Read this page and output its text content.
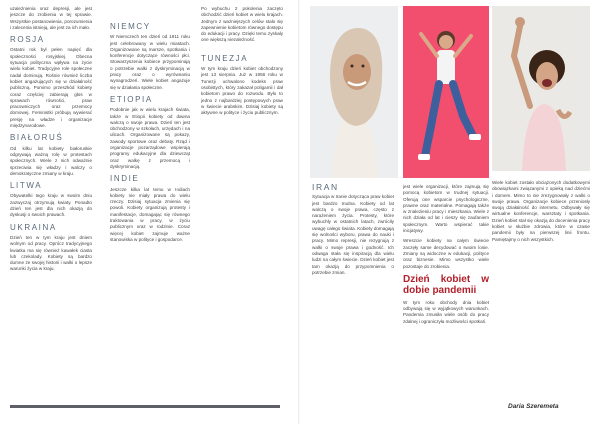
uzależnienia oraz depresji, ale jest jeszcze do zrobienia w tej sprawie. Wszystkie postanowienia, porozumienia i zalecenia istnieją, ale jest za ich mało.

ROSJA

Ostatni rok był pełen napięć dla społeczności rosyjskiej. Obecna sytuacja polityczna wpływa na życie wielu kobiet. Tradycyjne role społeczne nadal dominują. Rośnie również liczba kobiet angażujących się w działalność publiczną. Pomimo przeszkód kobiety coraz częściej zabierają głos w sprawach równości, praw pracowniczych oraz przemocy domowej. Feministki próbują wywierać presję na władze i organizacje międzynarodowe.

BIAŁORUŚ

Od kilku lat kobiety białoruskie odgrywają ważną rolę w protestach społecznych. Wiele z nich odważnie sprzeciwia się władzy i walczy o demokratyczne zmiany w kraju.

LITWA

Obywatelki tego kraju w swoim dniu zazwyczaj otrzymują kwiaty. Ponadto dzień ten jest dla nich okazją do dyskusji o swoich prawach.

UKRAINA

Dzień ten w tym kraju jest dniem wolnym od pracy. Oprócz tradycyjnego kwiatka ma się również kawałek ciasta lub czekolady. Kobiety są bardzo dumne ze swojej historii i walki o lepsze warunki życia w kraju.

NIEMCY

W Niemczech ten dzień od 1911 roku jest celebrowany w wielu miastach. Organizowane są marsze, spotkania i konferencje dotyczące równości płci. Stowarzyszenia kobiece przypominają o potrzebie walki z dyskryminacją w pracy oraz o wyrównaniu wynagrodzeń. Wiele kobiet angażuje się w działania społeczne.

ETIOPIA

Podobnie jak w wielu krajach świata, także w Etiopii kobiety od dawna walczą o swoje prawa. Dzień ten jest obchodzony w szkołach, urzędach i na ulicach. Organizowane są pokazy, zawody sportowe oraz debaty. Rząd i organizacje pozarządowe wspierają programy edukacyjne dla dziewcząt oraz walkę z przemocą i dyskryminacją.

INDIE

Jeszcze kilka lat temu w Indiach kobiety nie miały prawa do wielu rzeczy. Dzisiaj sytuacja zmienia się powoli. Kobiety organizują protesty i manifestacje, domagając się równego traktowania w pracy, w życiu publicznym oraz w rodzinie. Coraz więcej kobiet zajmuje ważne stanowiska w polityce i gospodarce.

Po wybuchu 2 pokolenia zaczęto obchodzić dzień kobiet w wielu krajach. Jednym z ważniejszych celów stało się zapewnienie kobietom równego dostępu do edukacji i pracy. Dzięki temu zyskały one większą niezależność.

TUNEZJA

W tym kraju dzień kobiet obchodzony jest 13 sierpnia. Już w 1956 roku w Tunezji uchwalono kodeks praw osobistych, który zakazał poligamii i dał kobietom prawo do rozwodu. Było to jedno z najbardziej postępowych praw w świecie arabskim. Dzisiaj kobiety są aktywne w polityce i życiu publicznym.

IRAN

Sytuacja w Iranie dotycząca praw kobiet jest bardzo trudna. Kobiety od lat walczą o swoje prawa, często z narażeniem życia. Protesty, które wybuchły w ostatnich latach, zwróciły uwagę całego świata. Kobiety domagają się wolności wyboru, prawa do nauki i pracy. Mimo represji, nie rezygnują z walki o swoje prawa i godność. Ich odwaga stała się inspiracją dla wielu ludzi na całym świecie. Dzień kobiet jest tam okazją do przypomnienia o potrzebie zmian.

jest wiele organizacji, które zajmują się pomocą kobietom w trudnej sytuacji. Oferują one wsparcie psychologiczne, prawne oraz materialne. Pomagają także w znalezieniu pracy i mieszkania. Wiele z nich działa od lat i cieszy się zaufaniem społecznym. Warto wspierać takie inicjatywy.

Wreszcie kobiety na całym świecie zaczęły same decydować o swoim losie. Zmiany są widoczne w edukacji, polityce oraz biznesie. Mimo wszystko wiele pozostaje do zrobienia.

Dzień kobiet w dobie pandemii

W tym roku obchody dnia kobiet odbywają się w wyjątkowych warunkach. Pandemia zmusiła wiele osób do pracy zdalnej i ograniczyła możliwości spotkań.

Wiele kobiet zostało obciążonych dodatkowymi obowiązkami związanymi z opieką nad dziećmi i domem. Mimo to nie zrezygnowały z walki o swoje prawa. Organizacje kobiece przeniosły swoją działalność do internetu. Odbywały się wirtualne konferencje, warsztaty i spotkania. Dzień kobiet stał się okazją do docenienia pracy kobiet w służbie zdrowia, które w czasie pandemii były na pierwszej linii frontu. Pamiętajmy o nich wszystkich.

Daria Szeremeta
